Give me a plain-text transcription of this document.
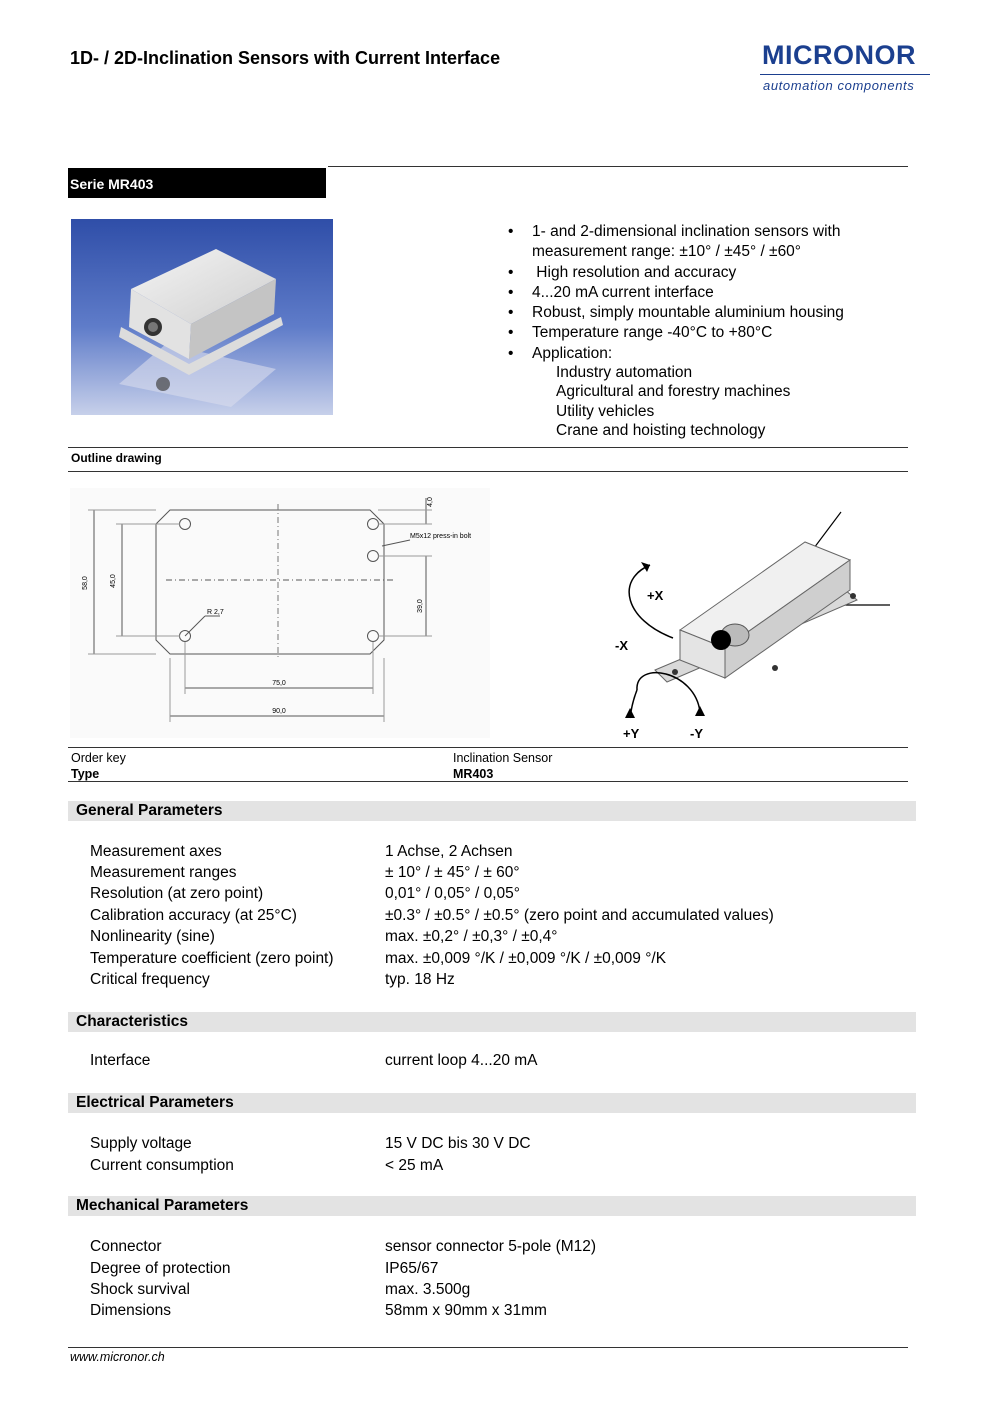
1D- / 2D-Inclination Sensors with Current Interface	MICRONOR
automation components
Serie MR403
• 1- and 2-dimensional inclination sensors with
measurement range: ±10° / ±45° / ±60°
• High resolution and accuracy
• 4...20 mA current interface
• Robust, simply mountable aluminium housing
• Temperature range -40°C to +80°C
• Application:
Industry automation
Agricultural and forestry machines
Utility vehicles
Crane and hoisting technology
Outline drawing
58,0	45,0
39,0
4,0
M5x12 press-in bolt
R 2,7
75,0
90,0
+X
-X
+Y	-Y
Order key	Inclination Sensor
Type	MR403
General Parameters
Measurement axes	1 Achse, 2 Achsen
Measurement ranges	± 10° / ± 45° / ± 60°
Resolution (at zero point)	0,01° / 0,05° / 0,05°
Calibration accuracy (at 25°C)	±0.3° / ±0.5° / ±0.5° (zero point and accumulated values)
Nonlinearity (sine)	max. ±0,2° / ±0,3° / ±0,4°
Temperature coefficient (zero point)	max. ±0,009 °/K / ±0,009 °/K / ±0,009 °/K
Critical frequency	typ. 18 Hz
Characteristics
Interface	current loop 4...20 mA
Electrical Parameters
Supply voltage	15 V DC bis 30 V DC
Current consumption	< 25 mA
Mechanical Parameters
Connector	sensor connector 5-pole (M12)
Degree of protection	IP65/67
Shock survival	max. 3.500g
Dimensions	58mm x 90mm x 31mm
www.micronor.ch
